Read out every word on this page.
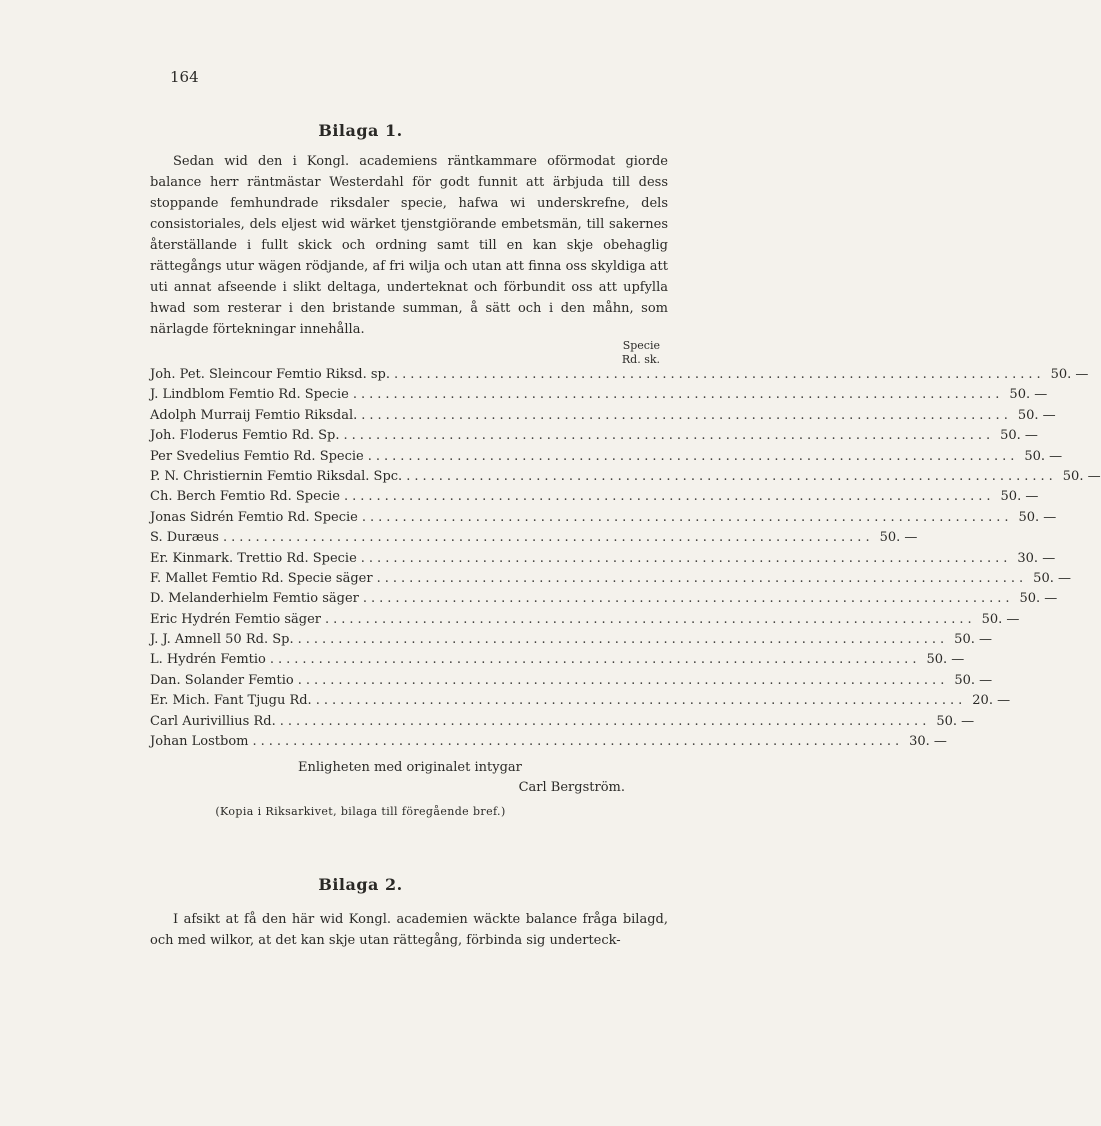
164
Bilaga 1.

Sedan wid den i Kongl. academiens räntkammare oförmodat giorde balance herr räntmästar Westerdahl för godt funnit att ärbjuda till dess stoppande femhundrade riksdaler specie, hafwa wi underskrefne, dels consistoriales, dels eljest wid wärket tjenstgiörande embetsmän, till sakernes återställande i fullt skick och ordning samt till en kan skje obehaglig rättegångs utur wägen rödjande, af fri wilja och utan att finna oss skyldiga att uti annat afseende i slikt deltaga, underteknat och förbundit oss att upfylla hwad som resterar i den bristande summan, å sätt och i den måhn, som närlagde förtekningar innehålla.

Specie
Rd. sk.
Joh. Pet. Sleincour Femtio Riksd. sp. ................................................................................ 50. —
J. Lindblom Femtio Rd. Specie ................................................................................ 50. —
Adolph Murraij Femtio Riksdal. ................................................................................ 50. —
Joh. Floderus Femtio Rd. Sp. ................................................................................ 50. —
Per Svedelius Femtio Rd. Specie ................................................................................ 50. —
P. N. Christiernin Femtio Riksdal. Spc. ................................................................................ 50. —
Ch. Berch Femtio Rd. Specie ................................................................................ 50. —
Jonas Sidrén Femtio Rd. Specie ................................................................................ 50. —
S. Duræus ................................................................................ 50. —
Er. Kinmark. Trettio Rd. Specie ................................................................................ 30. —
F. Mallet Femtio Rd. Specie säger ................................................................................ 50. —
D. Melanderhielm Femtio säger ................................................................................ 50. —
Eric Hydrén Femtio säger ................................................................................ 50. —
J. J. Amnell 50 Rd. Sp. ................................................................................ 50. —
L. Hydrén Femtio ................................................................................ 50. —
Dan. Solander Femtio ................................................................................ 50. —
Er. Mich. Fant Tjugu Rd. ................................................................................ 20. —
Carl Aurivillius Rd. ................................................................................ 50. —
Johan Lostbom ................................................................................ 30. —
Enligheten med originalet intygar
Carl Bergström.
(Kopia i Riksarkivet, bilaga till föregående bref.)
Bilaga 2.

I afsikt at få den här wid Kongl. academien wäckte balance fråga bilagd, och med wilkor, at det kan skje utan rättegång, förbinda sig underteck-
